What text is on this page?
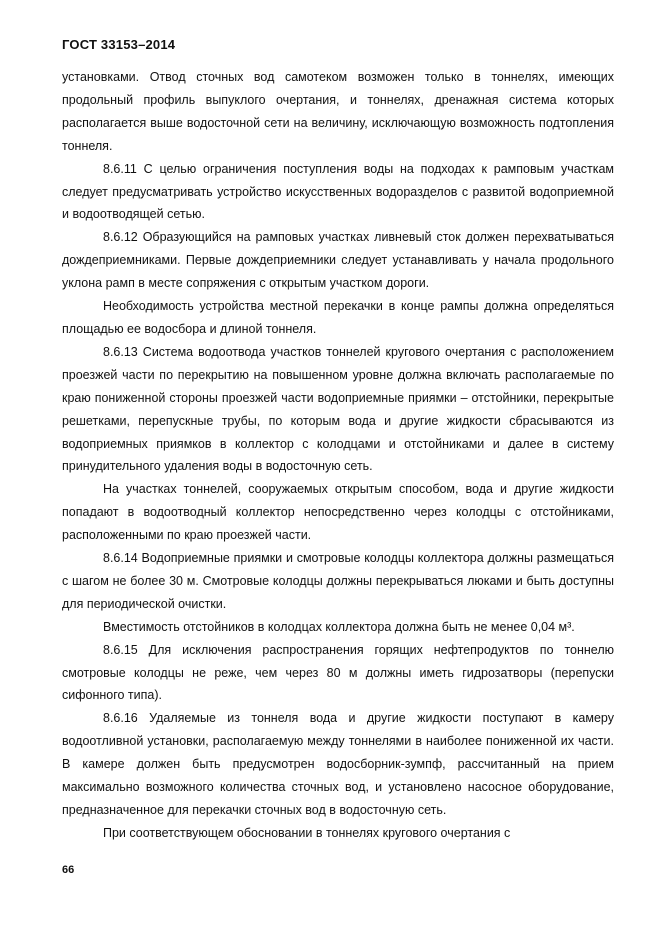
ГОСТ 33153–2014

установками. Отвод сточных вод самотеком возможен только в тоннелях, имеющих продольный профиль выпуклого очертания, и тоннелях, дренажная система которых располагается выше водосточной сети на величину, исключающую возможность подтопления тоннеля.

8.6.11 С целью ограничения поступления воды на подходах к рамповым участкам следует предусматривать устройство искусственных водоразделов с развитой водоприемной и водоотводящей сетью.

8.6.12 Образующийся на рамповых участках ливневый сток должен перехватываться дождеприемниками. Первые дождеприемники следует устанавливать у начала продольного уклона рамп в месте сопряжения с открытым участком дороги.

Необходимость устройства местной перекачки в конце рампы должна определяться площадью ее водосбора и длиной тоннеля.

8.6.13 Система водоотвода участков тоннелей кругового очертания с расположением проезжей части по перекрытию на повышенном уровне должна включать располагаемые по краю пониженной стороны проезжей части водоприемные приямки – отстойники, перекрытые решетками, перепускные трубы, по которым вода и другие жидкости сбрасываются из водоприемных приямков в коллектор с колодцами и отстойниками и далее в систему принудительного удаления воды в водосточную сеть.

На участках тоннелей, сооружаемых открытым способом, вода и другие жидкости попадают в водоотводный коллектор непосредственно через колодцы с отстойниками, расположенными по краю проезжей части.

8.6.14 Водоприемные приямки и смотровые колодцы коллектора должны размещаться с шагом не более 30 м. Смотровые колодцы должны перекрываться люками и быть доступны для периодической очистки.

Вместимость отстойников в колодцах коллектора должна быть не менее 0,04 м³.

8.6.15 Для исключения распространения горящих нефтепродуктов по тоннелю смотровые колодцы не реже, чем через 80 м должны иметь гидрозатворы (перепуски сифонного типа).

8.6.16 Удаляемые из тоннеля вода и другие жидкости поступают в камеру водоотливной установки, располагаемую между тоннелями в наиболее пониженной их части. В камере должен быть предусмотрен водосборник-зумпф, рассчитанный на прием максимально возможного количества сточных вод, и установлено насосное оборудование, предназначенное для перекачки сточных вод в водосточную сеть.

При соответствующем обосновании в тоннелях кругового очертания с

66
